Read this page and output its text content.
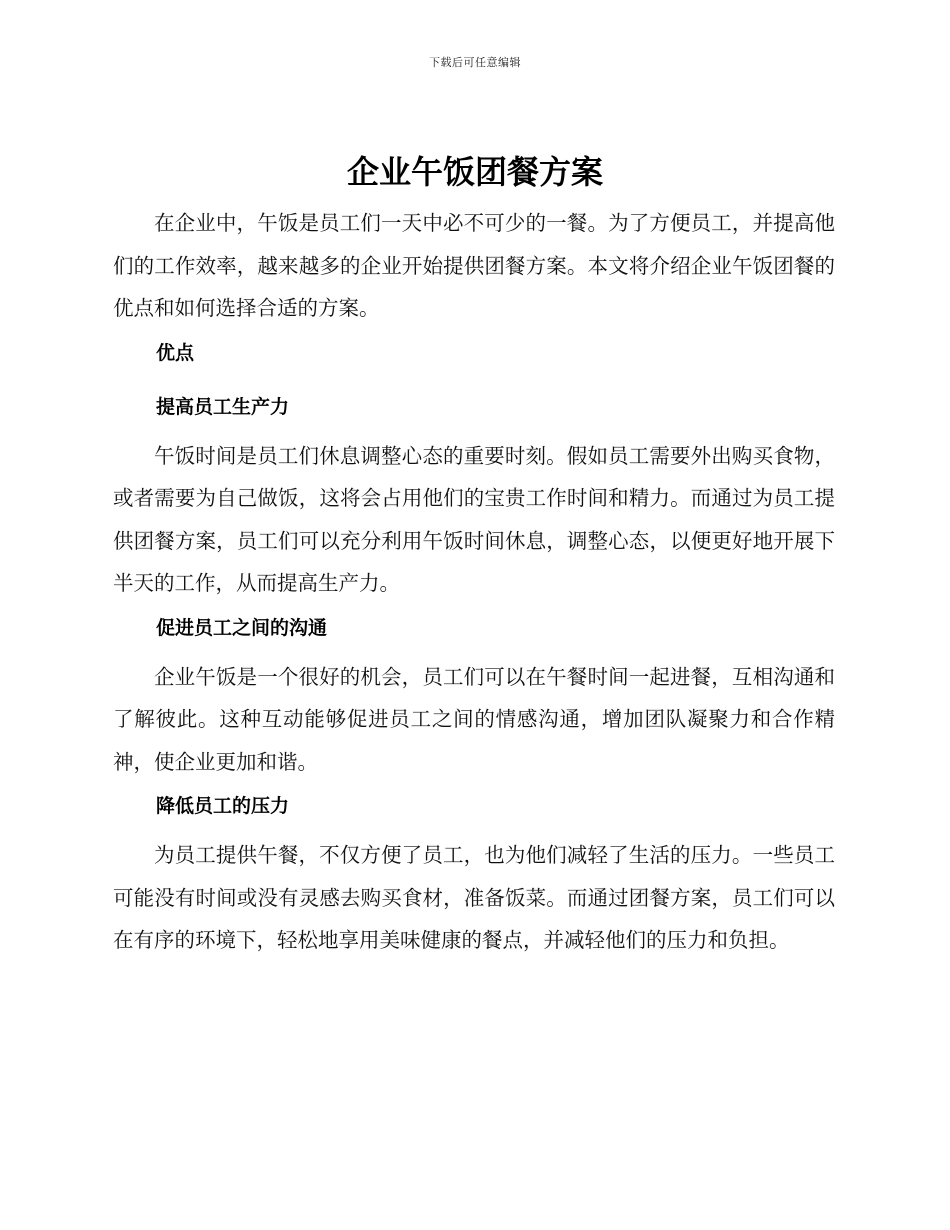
下载后可任意编辑
企业午饭团餐方案

在企业中，午饭是员工们一天中必不可少的一餐。为了方便员工，并提高他们的工作效率，越来越多的企业开始提供团餐方案。本文将介绍企业午饭团餐的优点和如何选择合适的方案。

优点
提高员工生产力

午饭时间是员工们休息调整心态的重要时刻。假如员工需要外出购买食物，或者需要为自己做饭，这将会占用他们的宝贵工作时间和精力。而通过为员工提供团餐方案，员工们可以充分利用午饭时间休息，调整心态，以便更好地开展下半天的工作，从而提高生产力。

促进员工之间的沟通

企业午饭是一个很好的机会，员工们可以在午餐时间一起进餐，互相沟通和了解彼此。这种互动能够促进员工之间的情感沟通，增加团队凝聚力和合作精神，使企业更加和谐。

降低员工的压力

为员工提供午餐，不仅方便了员工，也为他们减轻了生活的压力。一些员工可能没有时间或没有灵感去购买食材，准备饭菜。而通过团餐方案，员工们可以在有序的环境下，轻松地享用美味健康的餐点，并减轻他们的压力和负担。
